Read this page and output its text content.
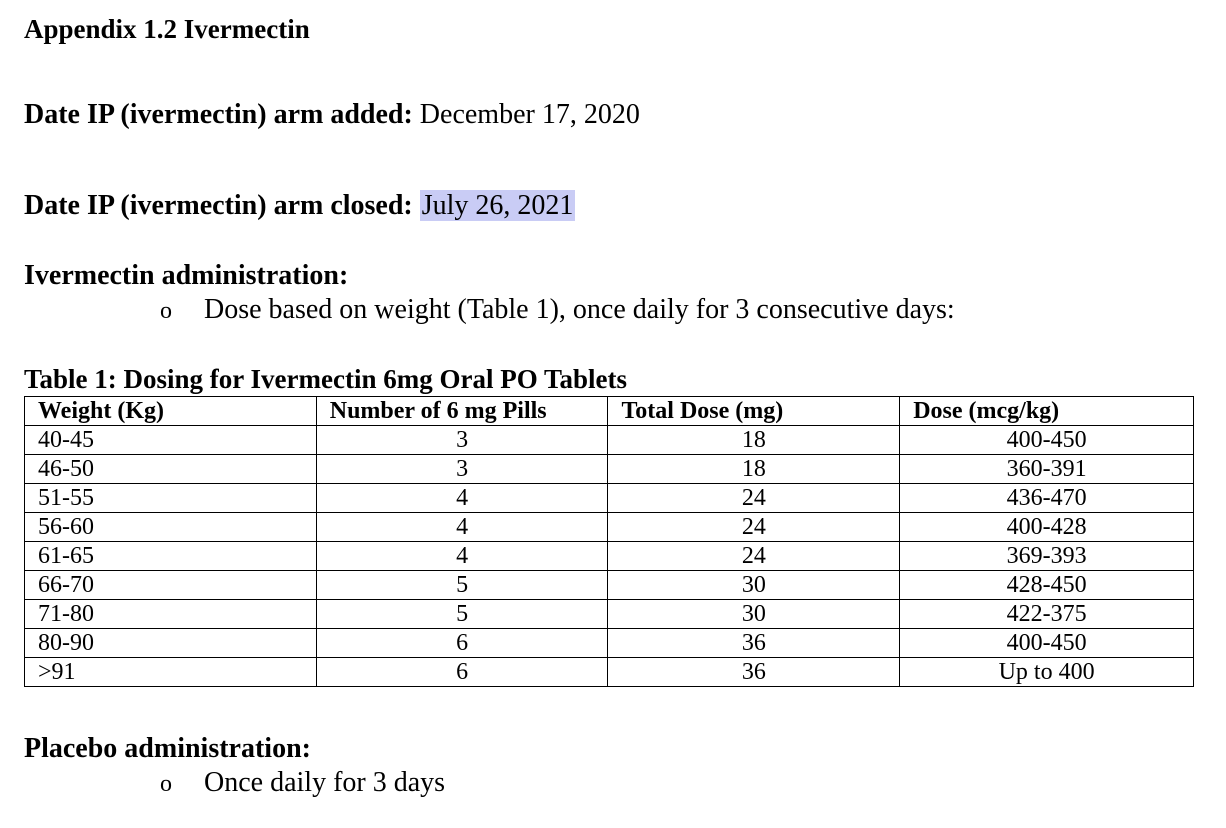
Appendix 1.2 Ivermectin
Date IP (ivermectin) arm added: December 17, 2020
Date IP (ivermectin) arm closed: July 26, 2021
Ivermectin administration:
o Dose based on weight (Table 1), once daily for 3 consecutive days:
Table 1: Dosing for Ivermectin 6mg Oral PO Tablets
Weight (Kg)	Number of 6 mg Pills	Total Dose (mg)	Dose (mcg/kg)
40-45	3	18	400-450
46-50	3	18	360-391
51-55	4	24	436-470
56-60	4	24	400-428
61-65	4	24	369-393
66-70	5	30	428-450
71-80	5	30	422-375
80-90	6	36	400-450
>91	6	36	Up to 400
Placebo administration:
o Once daily for 3 days
